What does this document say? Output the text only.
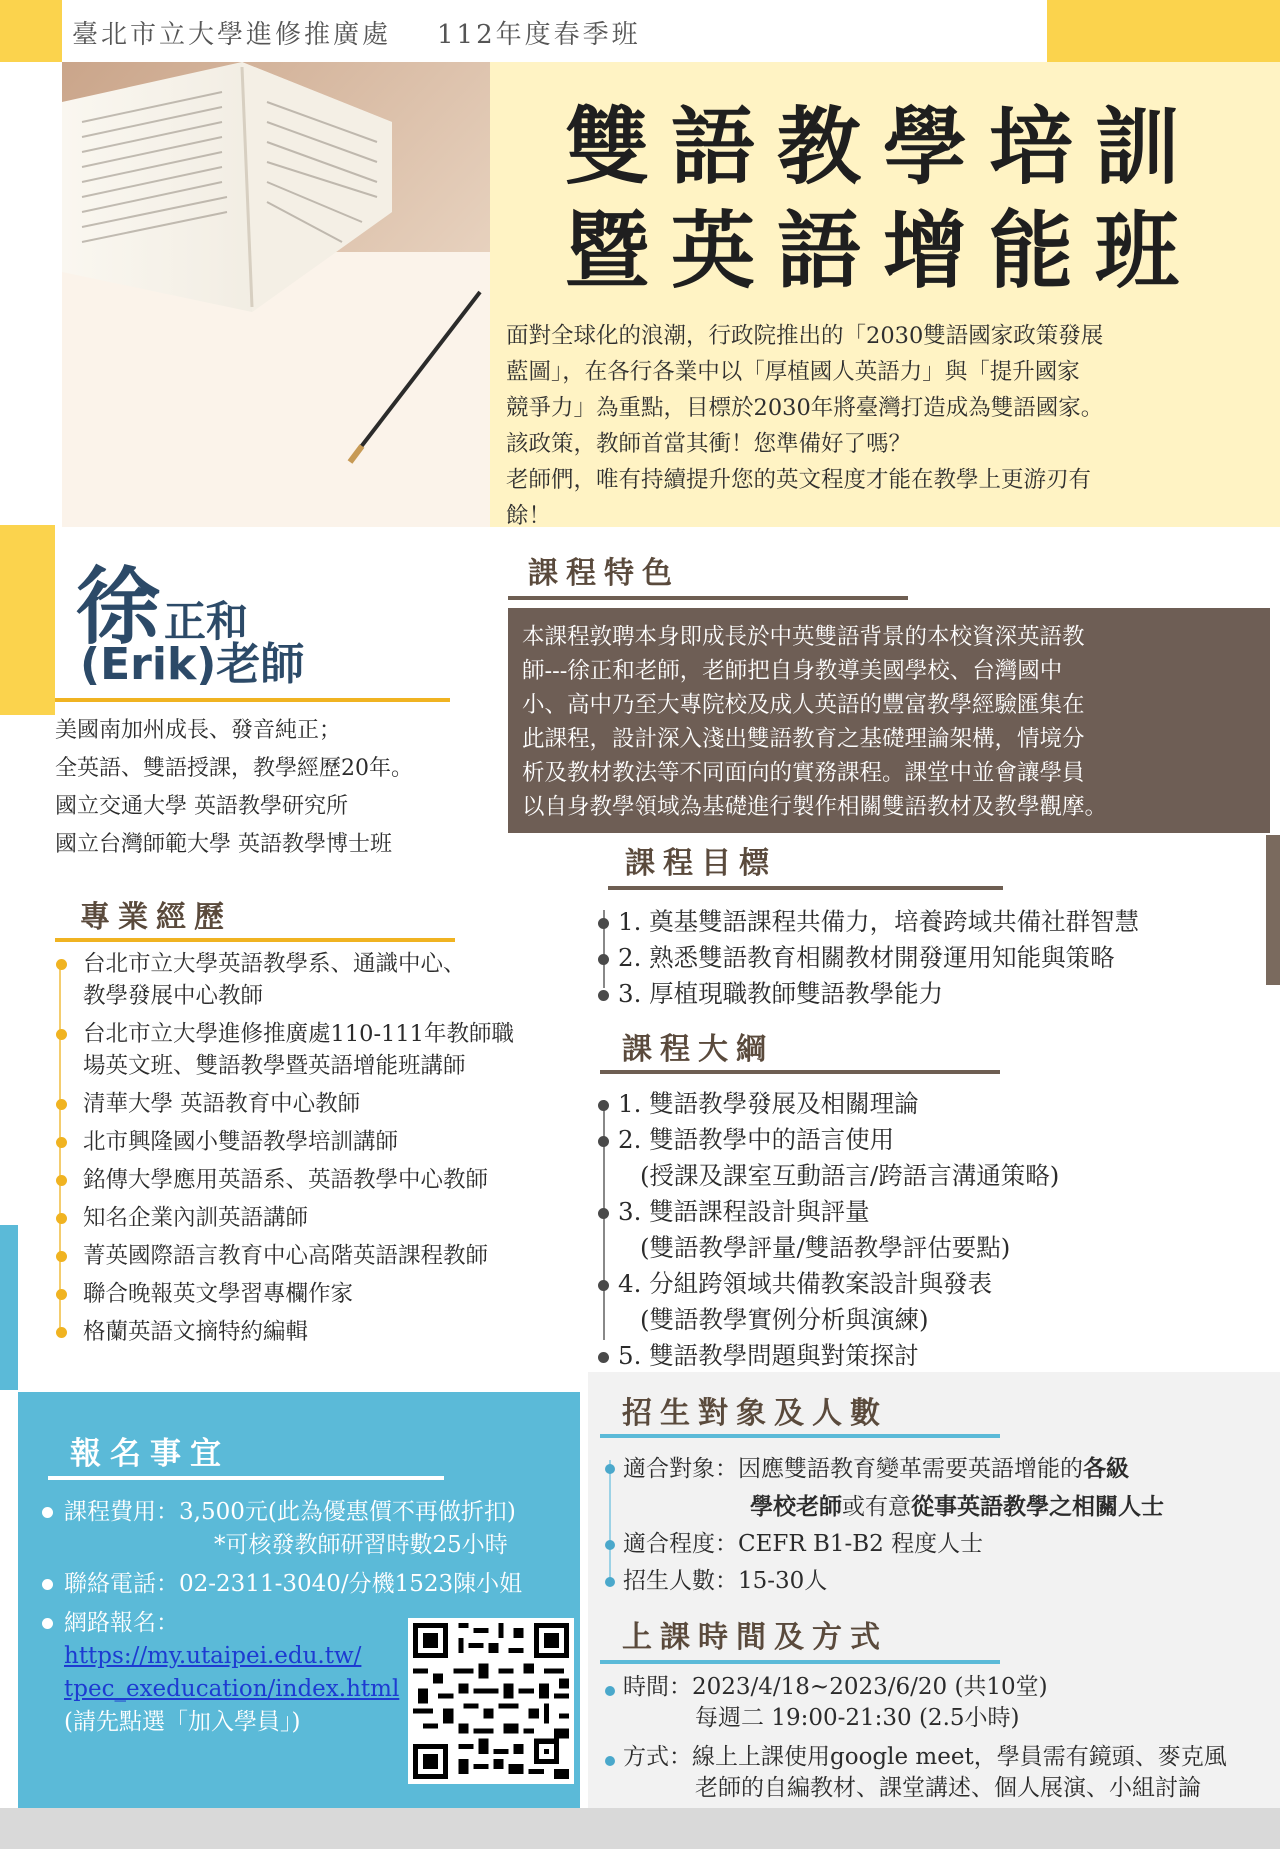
臺北市立大學進修推廣處 112年度春季班
雙語教學培訓
暨英語增能班
面對全球化的浪潮，行政院推出的「2030雙語國家政策發展
藍圖」，在各行各業中以「厚植國人英語力」與「提升國家
競爭力」為重點，目標於2030年將臺灣打造成為雙語國家。
該政策，教師首當其衝！您準備好了嗎？
老師們，唯有持續提升您的英文程度才能在教學上更游刃有
餘！
徐正和
(Erik)老師
美國南加州成長、發音純正；
全英語、雙語授課，教學經歷20年。
國立交通大學 英語教學研究所
國立台灣師範大學 英語教學博士班
專業經歷
台北市立大學英語教學系、通識中心、
教學發展中心教師
台北市立大學進修推廣處110-111年教師職
場英文班、雙語教學暨英語增能班講師
清華大學 英語教育中心教師
北市興隆國小雙語教學培訓講師
銘傳大學應用英語系、英語教學中心教師
知名企業內訓英語講師
菁英國際語言教育中心高階英語課程教師
聯合晚報英文學習專欄作家
格蘭英語文摘特約編輯
課程特色
本課程敦聘本身即成長於中英雙語背景的本校資深英語教
師---徐正和老師，老師把自身教導美國學校、台灣國中
小、高中乃至大專院校及成人英語的豐富教學經驗匯集在
此課程，設計深入淺出雙語教育之基礎理論架構，情境分
析及教材教法等不同面向的實務課程。課堂中並會讓學員
以自身教學領域為基礎進行製作相關雙語教材及教學觀摩。
課程目標
1. 奠基雙語課程共備力，培養跨域共備社群智慧
2. 熟悉雙語教育相關教材開發運用知能與策略
3. 厚植現職教師雙語教學能力
課程大綱
1. 雙語教學發展及相關理論
2. 雙語教學中的語言使用
(授課及課室互動語言/跨語言溝通策略)
3. 雙語課程設計與評量
(雙語教學評量/雙語教學評估要點)
4. 分組跨領域共備教案設計與發表
(雙語教學實例分析與演練)
5. 雙語教學問題與對策探討
報名事宜
課程費用：3,500元(此為優惠價不再做折扣)
*可核發教師研習時數25小時
聯絡電話：02-2311-3040/分機1523陳小姐
網路報名：
https://my.utaipei.edu.tw/
tpec_exeducation/index.html
(請先點選「加入學員」)
招生對象及人數
適合對象：因應雙語教育變革需要英語增能的各級
學校老師或有意從事英語教學之相關人士
適合程度：CEFR B1-B2 程度人士
招生人數：15-30人
上課時間及方式
時間：2023/4/18~2023/6/20 (共10堂)
每週二 19:00-21:30 (2.5小時)
方式：線上上課使用google meet，學員需有鏡頭、麥克風
老師的自編教材、課堂講述、個人展演、小組討論
